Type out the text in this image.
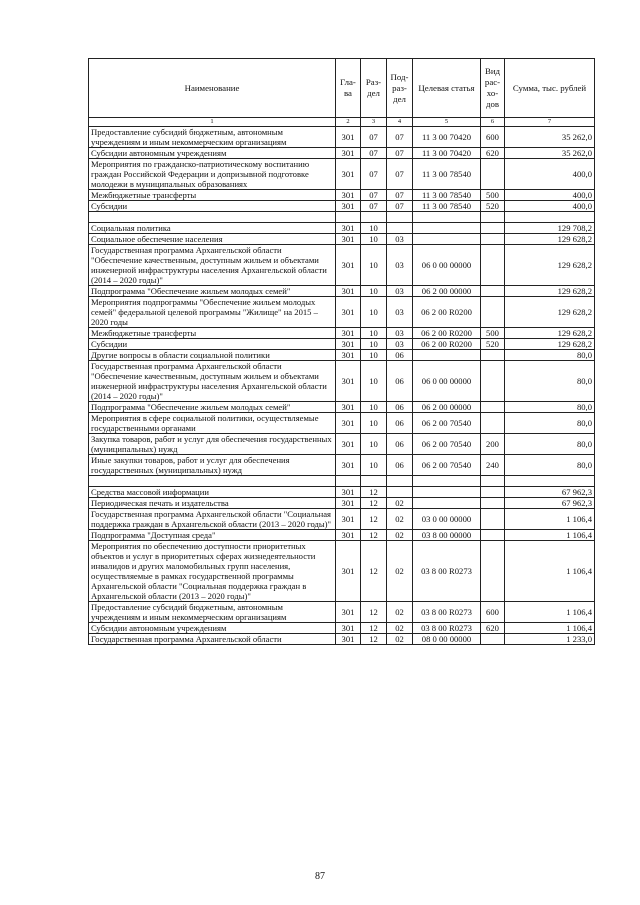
Наименование	Гла-ва	Раз-дел	Под-раз-дел	Целевая статья	Вид рас-хо-дов	Сумма, тыс. рублей
1	2	3	4	5	6	7
Предоставление субсидий бюджетным, автономным учреждениям и иным некоммерческим организациям	301	07	07	11 3 00 70420	600	35 262,0
Субсидии автономным учреждениям	301	07	07	11 3 00 70420	620	35 262,0
Мероприятия по гражданско-патриотическому воспитанию граждан Российской Федерации и допризывной подготовке молодежи в муниципальных образованиях	301	07	07	11 3 00 78540		400,0
Межбюджетные трансферты	301	07	07	11 3 00 78540	500	400,0
Субсидии	301	07	07	11 3 00 78540	520	400,0

Социальная политика	301	10				129 708,2
Социальное обеспечение населения	301	10	03			129 628,2
Государственная программа Архангельской области "Обеспечение качественным, доступным жильем и объектами инженерной инфраструктуры населения Архангельской области (2014 – 2020 годы)"	301	10	03	06 0 00 00000		129 628,2
Подпрограмма "Обеспечение жильем молодых семей"	301	10	03	06 2 00 00000		129 628,2
Мероприятия подпрограммы "Обеспечение жильем молодых семей" федеральной целевой программы "Жилище" на 2015 – 2020 годы	301	10	03	06 2 00 R0200		129 628,2
Межбюджетные трансферты	301	10	03	06 2 00 R0200	500	129 628,2
Субсидии	301	10	03	06 2 00 R0200	520	129 628,2
Другие вопросы в области социальной политики	301	10	06			80,0
Государственная программа Архангельской области "Обеспечение качественным, доступным жильем и объектами инженерной инфраструктуры населения Архангельской области (2014 – 2020 годы)"	301	10	06	06 0 00 00000		80,0
Подпрограмма "Обеспечение жильем молодых семей"	301	10	06	06 2 00 00000		80,0
Мероприятия в сфере социальной политики, осуществляемые государственными органами	301	10	06	06 2 00 70540		80,0
Закупка товаров, работ и услуг для обеспечения государственных (муниципальных) нужд	301	10	06	06 2 00 70540	200	80,0
Иные закупки товаров, работ и услуг для обеспечения государственных (муниципальных) нужд	301	10	06	06 2 00 70540	240	80,0

Средства массовой информации	301	12				67 962,3
Периодическая печать и издательства	301	12	02			67 962,3
Государственная программа Архангельской области "Социальная поддержка граждан в Архангельской области (2013 – 2020 годы)"	301	12	02	03 0 00 00000		1 106,4
Подпрограмма "Доступная среда"	301	12	02	03 8 00 00000		1 106,4
Мероприятия по обеспечению доступности приоритетных объектов и услуг в приоритетных сферах жизнедеятельности инвалидов и других маломобильных групп населения, осуществляемые в рамках государственной программы Архангельской области "Социальная поддержка граждан в Архангельской области (2013 – 2020 годы)"	301	12	02	03 8 00 R0273		1 106,4
Предоставление субсидий бюджетным, автономным учреждениям и иным некоммерческим организациям	301	12	02	03 8 00 R0273	600	1 106,4
Субсидии автономным учреждениям	301	12	02	03 8 00 R0273	620	1 106,4
Государственная программа Архангельской области	301	12	02	08 0 00 00000		1 233,0
87
